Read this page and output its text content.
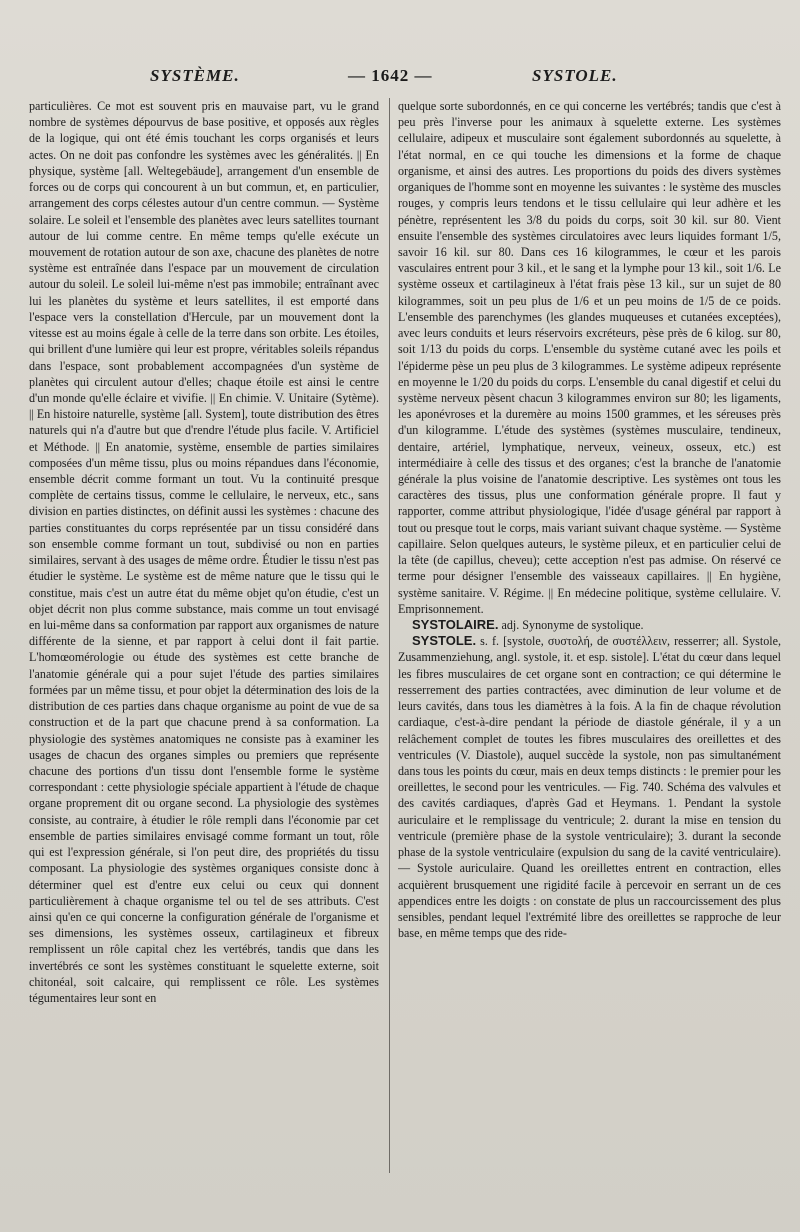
SYSTÈME.	— 1642 —	SYSTOLE.

particulières. Ce mot est souvent pris en mauvaise part, vu le grand nombre de systèmes dépourvus de base positive, et opposés aux règles de la logique, qui ont été émis touchant les corps organisés et leurs actes. On ne doit pas confondre les systèmes avec les généralités. || En physique, système [all. Weltegebäude], arrangement d'un ensemble de forces ou de corps qui concourent à un but commun, et, en particulier, arrangement des corps célestes autour d'un centre commun. — Système solaire. Le soleil et l'ensemble des planètes avec leurs satellites tournant autour de lui comme centre. En même temps qu'elle exécute un mouvement de rotation autour de son axe, chacune des planètes de notre système est entraînée dans l'espace par un mouvement de circulation autour du soleil. Le soleil lui-même n'est pas immobile; entraînant avec lui les planètes du système et leurs satellites, il est emporté dans l'espace vers la constellation d'Hercule, par un mouvement dont la vitesse est au moins égale à celle de la terre dans son orbite. Les étoiles, qui brillent d'une lumière qui leur est propre, véritables soleils répandus dans l'espace, sont probablement accompagnées d'un système de planètes qui circulent autour d'elles; chaque étoile est ainsi le centre d'un monde qu'elle éclaire et vivifie. || En chimie. V. Unitaire (Sytème). || En histoire naturelle, système [all. System], toute distribution des êtres naturels qui n'a d'autre but que d'rendre l'étude plus facile. V. Artificiel et Méthode. || En anatomie, système, ensemble de parties similaires composées d'un même tissu, plus ou moins répandues dans l'économie, ensemble décrit comme formant un tout. Vu la continuité presque complète de certains tissus, comme le cellulaire, le nerveux, etc., sans division en parties distinctes, on définit aussi les systèmes : chacune des parties constituantes du corps représentée par un tissu considéré dans son ensemble comme formant un tout, subdivisé ou non en parties similaires, servant à des usages de même ordre. Étudier le tissu n'est pas étudier le système. Le système est de même nature que le tissu qui le constitue, mais c'est un autre état du même objet qu'on étudie, c'est un objet décrit non plus comme substance, mais comme un tout envisagé en lui-même dans sa conformation par rapport aux organismes de nature différente de la sienne, et par rapport à celui dont il fait partie. L'homœomérologie ou étude des systèmes est cette branche de l'anatomie générale qui a pour sujet l'étude des parties similaires formées par un même tissu, et pour objet la détermination des lois de la distribution de ces parties dans chaque organisme au point de vue de sa construction et de la part que chacune prend à sa conformation. La physiologie des systèmes anatomiques ne consiste pas à examiner les usages de chacun des organes simples ou premiers que représente chacune des portions d'un tissu dont l'ensemble forme le système correspondant : cette physiologie spéciale appartient à l'étude de chaque organe proprement dit ou organe second. La physiologie des systèmes consiste, au contraire, à étudier le rôle rempli dans l'économie par cet ensemble de parties similaires envisagé comme formant un tout, rôle qui est l'expression générale, si l'on peut dire, des propriétés du tissu composant. La physiologie des systèmes organiques consiste donc à déterminer quel est d'entre eux celui ou ceux qui donnent particulièrement à chaque organisme tel ou tel de ses attributs. C'est ainsi qu'en ce qui concerne la configuration générale de l'organisme et ses dimensions, les systèmes osseux, cartilagineux et fibreux remplissent un rôle capital chez les vertébrés, tandis que dans les invertébrés ce sont les systèmes constituant le squelette externe, soit chitonéal, soit calcaire, qui remplissent ce rôle. Les systèmes tégumentaires leur sont en

quelque sorte subordonnés, en ce qui concerne les vertébrés; tandis que c'est à peu près l'inverse pour les animaux à squelette externe. Les systèmes cellulaire, adipeux et musculaire sont également subordonnés au squelette, à l'état normal, en ce qui touche les dimensions et la forme de chaque organisme, et ainsi des autres. Les proportions du poids des divers systèmes organiques de l'homme sont en moyenne les suivantes : le système des muscles rouges, y compris leurs tendons et le tissu cellulaire qui leur adhère et les pénètre, représentent les 3/8 du poids du corps, soit 30 kil. sur 80. Vient ensuite l'ensemble des systèmes circulatoires avec leurs liquides formant 1/5, savoir 16 kil. sur 80. Dans ces 16 kilogrammes, le cœur et les parois vasculaires entrent pour 3 kil., et le sang et la lymphe pour 13 kil., soit 1/6. Le système osseux et cartilagineux à l'état frais pèse 13 kil., sur un sujet de 80 kilogrammes, soit un peu plus de 1/6 et un peu moins de 1/5 de ce poids. L'ensemble des parenchymes (les glandes muqueuses et cutanées exceptées), avec leurs conduits et leurs réservoirs excréteurs, pèse près de 6 kilog. sur 80, soit 1/13 du poids du corps. L'ensemble du système cutané avec les poils et l'épiderme pèse un peu plus de 3 kilogrammes. Le système adipeux représente en moyenne le 1/20 du poids du corps. L'ensemble du canal digestif et celui du système nerveux pèsent chacun 3 kilogrammes environ sur 80; les ligaments, les aponévroses et la duremère au moins 1500 grammes, et les séreuses près d'un kilogramme. L'étude des systèmes (systèmes musculaire, tendineux, dentaire, artériel, lymphatique, nerveux, veineux, osseux, etc.) est intermédiaire à celle des tissus et des organes; c'est la branche de l'anatomie générale la plus voisine de l'anatomie descriptive. Les systèmes ont tous les caractères des tissus, plus une conformation générale propre. Il faut y rapporter, comme attribut physiologique, l'idée d'usage général par rapport à tout ou presque tout le corps, mais variant suivant chaque système. — Système capillaire. Selon quelques auteurs, le système pileux, et en particulier celui de la tête (de capillus, cheveu); cette acception n'est pas admise. On réservé ce terme pour désigner l'ensemble des vaisseaux capillaires. || En hygiène, système sanitaire. V. Régime. || En médecine politique, système cellulaire. V. Emprisonnement.

SYSTOLAIRE. adj. Synonyme de systolique.

SYSTOLE. s. f. [systole, συστολή, de συστέλλειν, resserrer; all. Systole, Zusammenziehung, angl. systole, it. et esp. sistole]. L'état du cœur dans lequel les fibres musculaires de cet organe sont en contraction; ce qui détermine le resserrement des parties contractées, avec diminution de leur volume et de leurs cavités, dans tous les diamètres à la fois. A la fin de chaque révolution cardiaque, c'est-à-dire pendant la période de diastole générale, il y a un relâchement complet de toutes les fibres musculaires des oreillettes et des ventricules (V. Diastole), auquel succède la systole, non pas simultanément dans tous les points du cœur, mais en deux temps distincts : le premier pour les oreillettes, le second pour les ventricules. — Fig. 740. Schéma des valvules et des cavités cardiaques, d'après Gad et Heymans. 1. Pendant la systole auriculaire et le remplissage du ventricule; 2. durant la mise en tension du ventricule (première phase de la systole ventriculaire); 3. durant la seconde phase de la systole ventriculaire (expulsion du sang de la cavité ventriculaire). — Systole auriculaire. Quand les oreillettes entrent en contraction, elles acquièrent brusquement une rigidité facile à percevoir en serrant un de ces appendices entre les doigts : on constate de plus un raccourcissement des plus sensibles, pendant lequel l'extrémité libre des oreillettes se rapproche de leur base, en même temps que des ride-
